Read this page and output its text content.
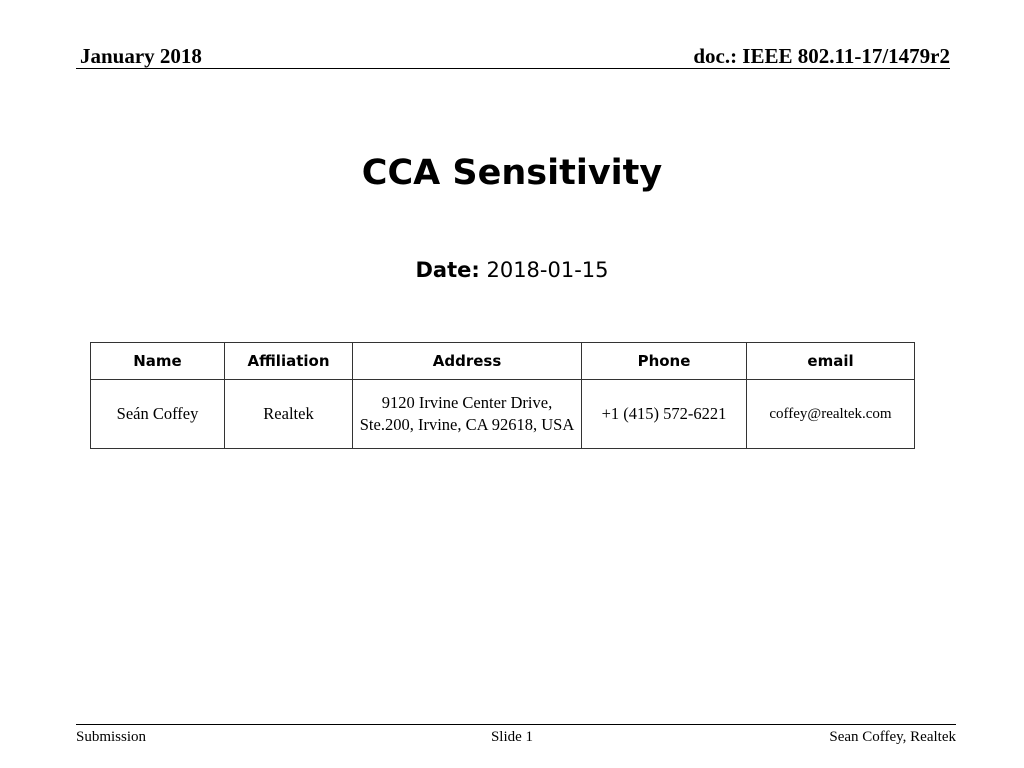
January 2018	doc.: IEEE 802.11-17/1479r2
CCA Sensitivity
Date: 2018-01-15
Name	Affiliation	Address	Phone	email
Seán Coffey	Realtek	9120 Irvine Center Drive, Ste.200, Irvine, CA 92618, USA	+1 (415) 572-6221	coffey@realtek.com
Submission	Slide 1	Sean Coffey, Realtek
